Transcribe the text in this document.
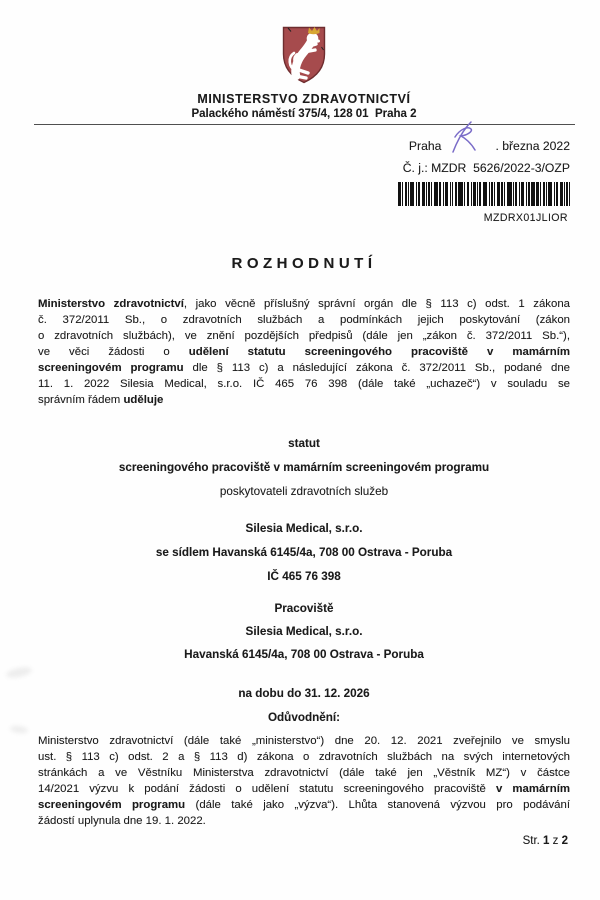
MINISTERSTVO ZDRAVOTNICTVÍ
Palackého náměstí 375/4, 128 01  Praha 2
Praha	. března 2022
Č. j.: MZDR  5626/2022-3/OZP
MZDRX01JLIOR
ROZHODNUTÍ
Ministerstvo zdravotnictví, jako věcně příslušný správní orgán dle § 113 c) odst. 1 zákona
č. 372/2011 Sb., o zdravotních službách a podmínkách jejich poskytování (zákon
o zdravotních službách), ve znění pozdějších předpisů (dále jen „zákon č. 372/2011 Sb.“),
ve věci žádosti o udělení statutu screeningového pracoviště v mamárním
screeningovém programu dle § 113 c) a následující zákona č. 372/2011 Sb., podané dne
11. 1. 2022 Silesia Medical, s.r.o. IČ 465 76 398 (dále také „uchazeč“) v souladu se
správním řádem uděluje
statut
screeningového pracoviště v mamárním screeningovém programu
poskytovateli zdravotních služeb
Silesia Medical, s.r.o.
se sídlem Havanská 6145/4a, 708 00 Ostrava - Poruba
IČ 465 76 398
Pracoviště
Silesia Medical, s.r.o.
Havanská 6145/4a, 708 00 Ostrava - Poruba
na dobu do 31. 12. 2026
Odůvodnění:
Ministerstvo zdravotnictví (dále také „ministerstvo“) dne 20. 12. 2021 zveřejnilo ve smyslu
ust. § 113 c) odst. 2 a § 113 d) zákona o zdravotních službách na svých internetových
stránkách a ve Věstníku Ministerstva zdravotnictví (dále také jen „Věstník MZ“) v částce
14/2021 výzvu k podání žádosti o udělení statutu screeningového pracoviště v mamárním
screeningovém programu (dále také jako „výzva“). Lhůta stanovená výzvou pro podávání
žádostí uplynula dne 19. 1. 2022.
Str. 1 z 2
